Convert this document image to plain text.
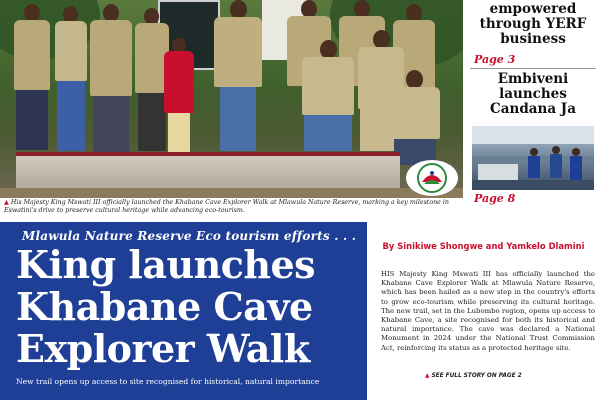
▲ His Majesty King Mswati III officially launched the Khabane Cave Explorer Walk at Mlawula Nature Reserve, marking a key milestone in Eswatini's drive to preserve cultural heritage while advancing eco-tourism.
empowered through YERF business
Page 3
Embiveni launches Candana Ja
Page 8
Mlawula Nature Reserve Eco tourism efforts . . .
King launches Khabane Cave Explorer Walk
New trail opens up access to site recognised for historical, natural importance
By Sinikiwe Shongwe and Yamkelo Dlamini
HIS Majesty King Mswati III has officially launched the Khabane Cave Explorer Walk at Mlawula Nature Reserve, which has been hailed as a new step in the country's efforts to grow eco-tourism while preserving its cultural heritage. The new trail, set in the Lubombo region, opens up access to Khabane Cave, a site recognised for both its historical and natural importance. The cave was declared a National Monument in 2024 under the National Trust Commission Act, reinforcing its status as a protected heritage site.
▲ SEE FULL STORY ON PAGE 2
